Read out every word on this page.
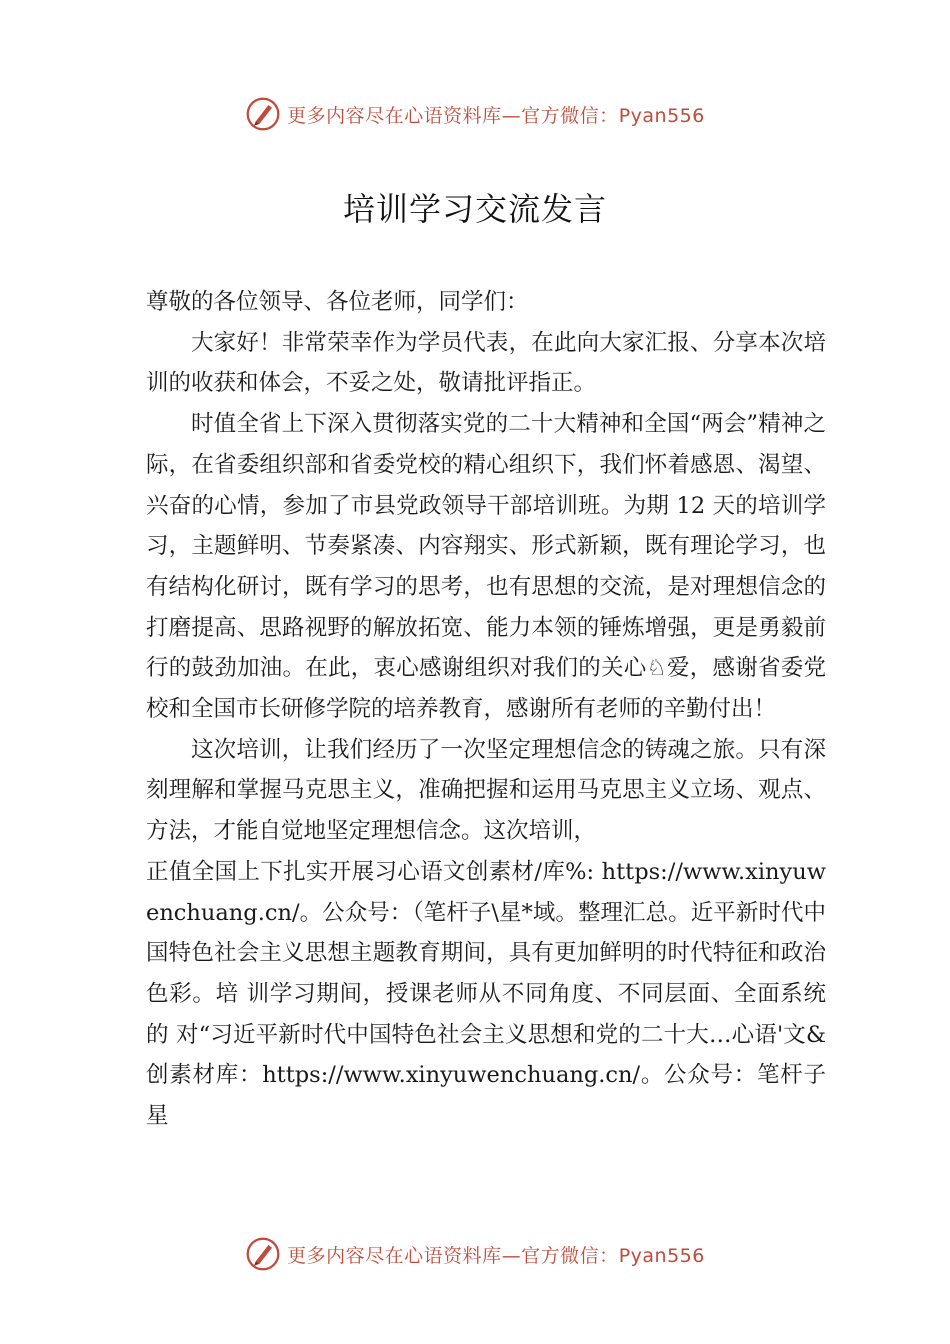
更多内容尽在心语资料库—官方微信：Pyan556
培训学习交流发言

尊敬的各位领导、各位老师，同学们：

大家好！非常荣幸作为学员代表，在此向大家汇报、分享本次培训的收获和体会，不妥之处，敬请批评指正。

时值全省上下深入贯彻落实党的二十大精神和全国“两会”精神之际，在省委组织部和省委党校的精心组织下，我们怀着感恩、渴望、兴奋的心情，参加了市县党政领导干部培训班。为期 12 天的培训学习，主题鲜明、节奏紧凑、内容翔实、形式新颖，既有理论学习，也有结构化研讨，既有学习的思考，也有思想的交流，是对理想信念的打磨提高、思路视野的解放拓宽、能力本领的锤炼增强，更是勇毅前行的鼓劲加油。在此，衷心感谢组织对我们的关心♘爱，感谢省委党校和全国市长研修学院的培养教育，感谢所有老师的辛勤付出！

这次培训，让我们经历了一次坚定理想信念的铸魂之旅。只有深刻理解和掌握马克思主义，准确把握和运用马克思主义立场、观点、方法，才能自觉地坚定理想信念。这次培训，

正值全国上下扎实开展习心语文创素材/库%: https://www.xinyuwenchuang.cn/。公众号：（笔杆子\星*域。整理汇总。近平新时代中国特色社会主义思想主题教育期间，具有更加鲜明的时代特征和政治色彩。培 训学习期间，授课老师从不同角度、不同层面、全面系统的 对“习近平新时代中国特色社会主义思想和党的二十大…心语'文&创素材库：https://www.xinyuwenchuang.cn/。公众号：笔杆子星

更多内容尽在心语资料库—官方微信：Pyan556
